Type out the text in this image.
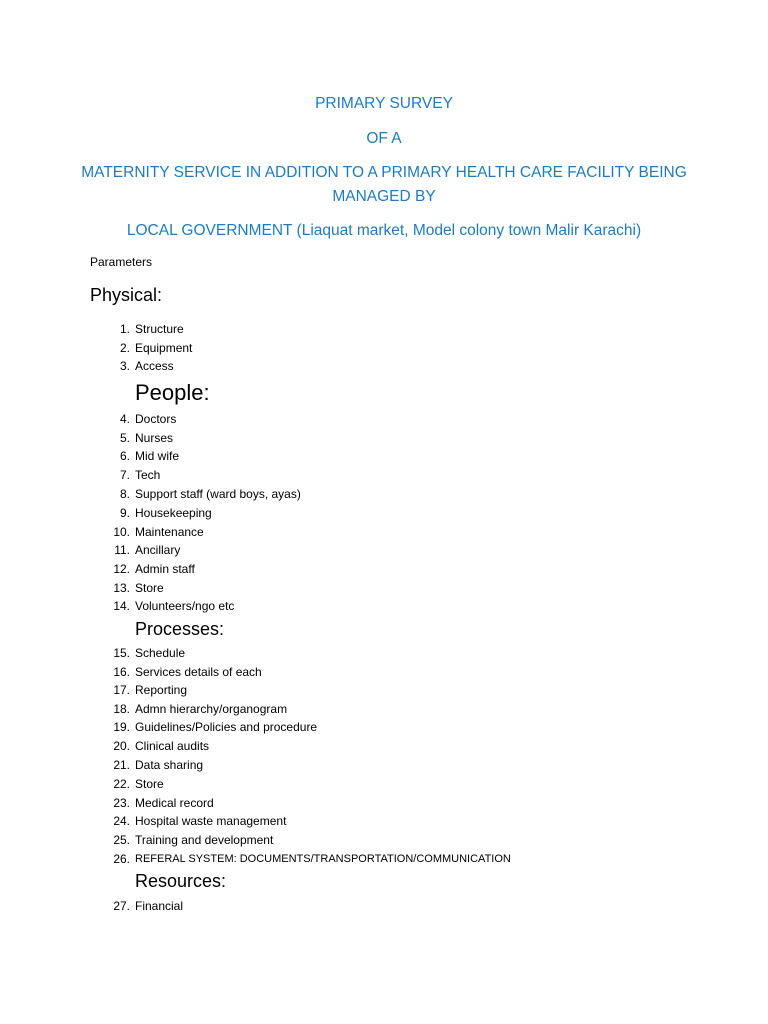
PRIMARY SURVEY
OF A
MATERNITY SERVICE IN ADDITION TO A PRIMARY HEALTH CARE FACILITY BEING
MANAGED BY
LOCAL GOVERNMENT (Liaquat market, Model colony town Malir Karachi)
Parameters
Physical:
1. Structure
2. Equipment
3. Access
People:
4. Doctors
5. Nurses
6. Mid wife
7. Tech
8. Support staff (ward boys, ayas)
9. Housekeeping
10. Maintenance
11. Ancillary
12. Admin staff
13. Store
14. Volunteers/ngo etc
Processes:
15. Schedule
16. Services details of each
17. Reporting
18. Admn hierarchy/organogram
19. Guidelines/Policies and procedure
20. Clinical audits
21. Data sharing
22. Store
23. Medical record
24. Hospital waste management
25. Training and development
26. REFERAL SYSTEM: DOCUMENTS/TRANSPORTATION/COMMUNICATION
Resources:
27. Financial
